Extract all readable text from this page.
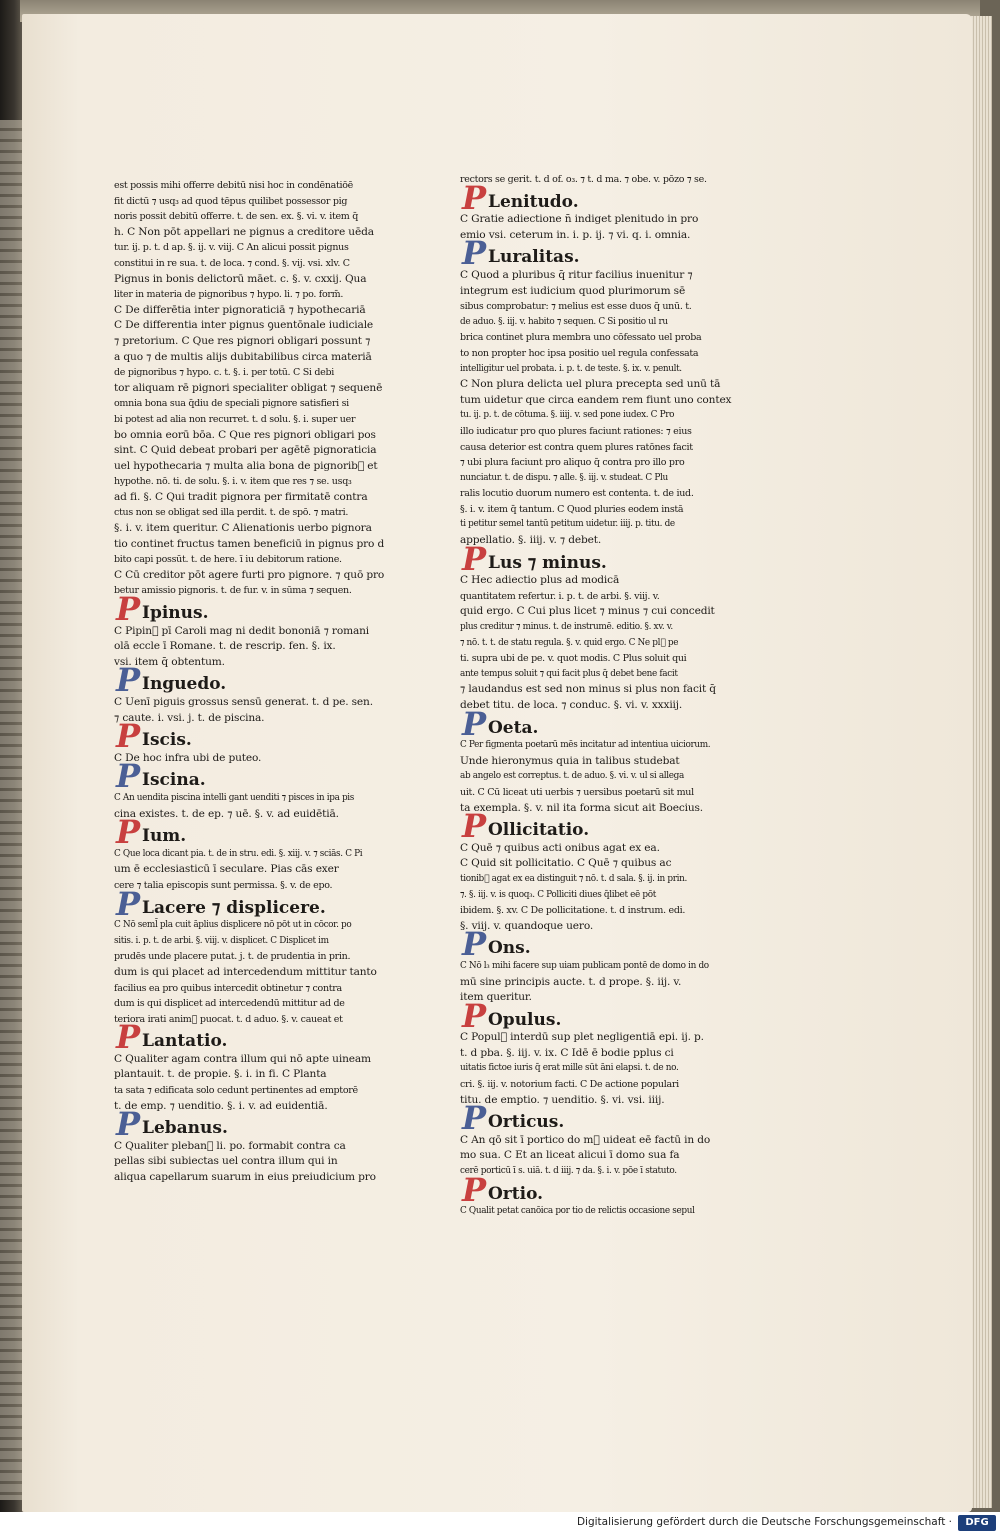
est possis mihi offerre debitū nisi hoc in condēnatiōē
fit dictū ⁊ usq₃ ad quod tēpus quilibet possessor pig
noris possit debitū offerre. t. de sen. ex. §. vi. v. item q̄
h. C Non pōt appellari ne pignus a creditore uēda
tur. ij. p. t. d ap. §. ij. v. viij. C An alicui possit pignus
constitui in re sua. t. de loca. ⁊ cond. §. vij. vsi. xlv. C
Pignus in bonis delictorū māet. c. §. v. cxxij. Qua
liter in materia de pignoribus ⁊ hypo. li. ⁊ po. form̄.
C De differētia inter pignoraticiā ⁊ hypothecariā
C De differentia inter pignus ꝯuentōnale iudiciale
⁊ pretorium. C Que res pignori obligari possunt ⁊
a quo ⁊ de multis alijs dubitabilibus circa materiā
de pignoribus ⁊ hypo. c. t. §. i. per totū. C Si debi
tor aliquam rē pignori specialiter obligat ⁊ sequenē
omnia bona sua q̄diu de speciali pignore satisfieri si
bi potest ad alia non recurret. t. d solu. §. i. super uer
bo omnia eorū bōa. C Que res pignori obligari pos
sint. C Quid debeat probari per agētē pignoraticia
uel hypothecaria ⁊ multa alia bona de pignorib᷒ et
hypothe. nō. ti. de solu. §. i. v. item que res ⁊ se. usq₃
ad fi. §. C Qui tradit pignora per firmitatē contra
ctus non se obligat sed illa perdit. t. de spō. ⁊ matri.
§. i. v. item queritur. C Alienationis uerbo pignora
tio continet fructus tamen beneficiū in pignus pro d
bito capi possūt. t. de here. ī iu debitorum ratione.
C Cū creditor pōt agere furti pro pignore. ⁊ quō pro
betur amissio pignoris. t. de fur. v. in sūma ⁊ sequen.
P Ipinus.
C Pipin᷒ pī Caroli mag ni dedit bononiā ⁊ romani
olā eccle ī Romane. t. de rescrip. fen. §. ix.
vsi. item q̄ obtentum.
P Inguedo.
C Uenī piguis grossus sensū generat. t. d pe. sen.
⁊ caute. i. vsi. j. t. de piscina.
P Iscis.
C De hoc infra ubi de puteo.
P Iscina.
C An uendita piscina intelli gant uenditi ⁊ pisces in ipa pis
cina existes. t. de ep. ⁊ uē. §. v. ad euidētiā.
P Ium.
C Que loca dicant pia. t. de in stru. edi. §. xiij. v. ⁊ sciās. C Pi
um ē ecclesiasticū ī seculare. Pias cās exer
cere ⁊ talia episcopis sunt permissa. §. v. de epo.
P Lacere ⁊ displicere.
C Nō seml̄ pla cuit āplius displicere nō pōt ut in cōcor. po
sitis. i. p. t. de arbi. §. viij. v. displicet. C Displicet im
prudēs unde placere putat. j. t. de prudentia in prin.
dum is qui placet ad intercedendum mittitur tanto
facilius ea pro quibus intercedit obtinetur ⁊ contra
dum is qui displicet ad intercedendū mittitur ad de
teriora irati anim᷒ puocat. t. d aduo. §. v. caueat et
P Lantatio.
C Qualiter agam contra illum qui nō apte uineam
plantauit. t. de propie. §. i. in fi. C Planta
ta sata ⁊ edificata solo cedunt pertinentes ad emptorē
t. de emp. ⁊ uenditio. §. i. v. ad euidentiā.
P Lebanus.
C Qualiter pleban᷒ li. po. formabit contra ca
pellas sibi subiectas uel contra illum qui in
aliqua capellarum suarum in eius preiudicium pro
rectors se gerit. t. d of. o₃. ⁊ t. d ma. ⁊ obe. v. pōzo ⁊ se.
P Lenitudo.
C Gratie adiectione n̄ indiget plenitudo in pro
emio vsi. ceterum in. i. p. ij. ⁊ vi. q. i. omnia.
P Luralitas.
C Quod a pluribus q̄ ritur facilius inuenitur ⁊
integrum est iudicium quod plurimorum sē
sibus comprobatur: ⁊ melius est esse duos q̄ unū. t.
de aduo. §. iij. v. habito ⁊ sequen. C Si positio ul ru
brica continet plura membra uno cōfessato uel proba
to non propter hoc ipsa positio uel regula confessata
intelligitur uel probata. i. p. t. de teste. §. ix. v. penult.
C Non plura delicta uel plura precepta sed unū tā
tum uidetur que circa eandem rem fiunt uno contex
tu. ij. p. t. de cōtuma. §. iiij. v. sed pone iudex. C Pro
illo iudicatur pro quo plures faciunt rationes: ⁊ eius
causa deterior est contra quem plures ratōnes facit
⁊ ubi plura faciunt pro aliquo q̄ contra pro illo pro
nunciatur. t. de dispu. ⁊ alle. §. iij. v. studeat. C Plu
ralis locutio duorum numero est contenta. t. de iud.
§. i. v. item q̄ tantum. C Quod pluries eodem instā
ti petitur semel tantū petitum uidetur. iiij. p. titu. de
appellatio. §. iiij. v. ⁊ debet.
P Lus ⁊ minus.
C Hec adiectio plus ad modicā
quantitatem refertur. i. p. t. de arbi. §. viij. v.
quid ergo. C Cui plus licet ⁊ minus ⁊ cui concedit
plus creditur ⁊ minus. t. de instrumē. editio. §. xv. v.
⁊ nō. t. t. de statu regula. §. v. quid ergo. C Ne pl᷒ pe
ti. supra ubi de pe. v. quot modis. C Plus soluit qui
ante tempus soluit ⁊ qui facit plus q̄ debet bene facit
⁊ laudandus est sed non minus si plus non facit q̄
debet titu. de loca. ⁊ conduc. §. vi. v. xxxiij.
P Oeta.
C Per figmenta poetarū mēs incitatur ad intentiua uiciorum.
Unde hieronymus quia in talibus studebat
ab angelo est correptus. t. de aduo. §. vi. v. ul si allega
uit. C Cū liceat uti uerbis ⁊ uersibus poetarū sit mul
ta exempla. §. v. nil ita forma sicut ait Boecius.
P Ollicitatio.
C Quē ⁊ quibus acti onibus agat ex ea.
C Quid sit pollicitatio. C Quē ⁊ quibus ac
tionib᷒ agat ex ea distinguit ⁊ nō. t. d sala. §. ij. in prin.
⁊. §. iij. v. is quoq₃. C Polliciti diues q̄libet eē pōt
ibidem. §. xv. C De pollicitatione. t. d instrum. edi.
§. viij. v. quandoque uero.
P Ons.
C Nō l₃ mihi facere sup uiam publicam pontē de domo in do
mū sine principis aucte. t. d prope. §. iij. v.
item queritur.
P Opulus.
C Popul᷒ interdū sup plet negligentiā epi. ij. p.
t. d pba. §. iij. v. ix. C Idē ē bodie pplus ci
uitatis fictoe iuris q̄ erat mille sūt āni elapsi. t. de no.
cri. §. iij. v. notorium facti. C De actione populari
titu. de emptio. ⁊ uenditio. §. vi. vsi. iiij.
P Orticus.
C An qō sit ī portico do m᷒ uideat eē factū in do
mo sua. C Et an liceat alicui ī domo sua fa
cerē porticū ī s. uiā. t. d iiij. ⁊ da. §. i. v. pōe ī statuto.
P Ortio.
C Qualit petat canōica por tio de relictis occasione sepul
Digitalisierung gefördert durch die Deutsche Forschungsgemeinschaft ·	DFG
